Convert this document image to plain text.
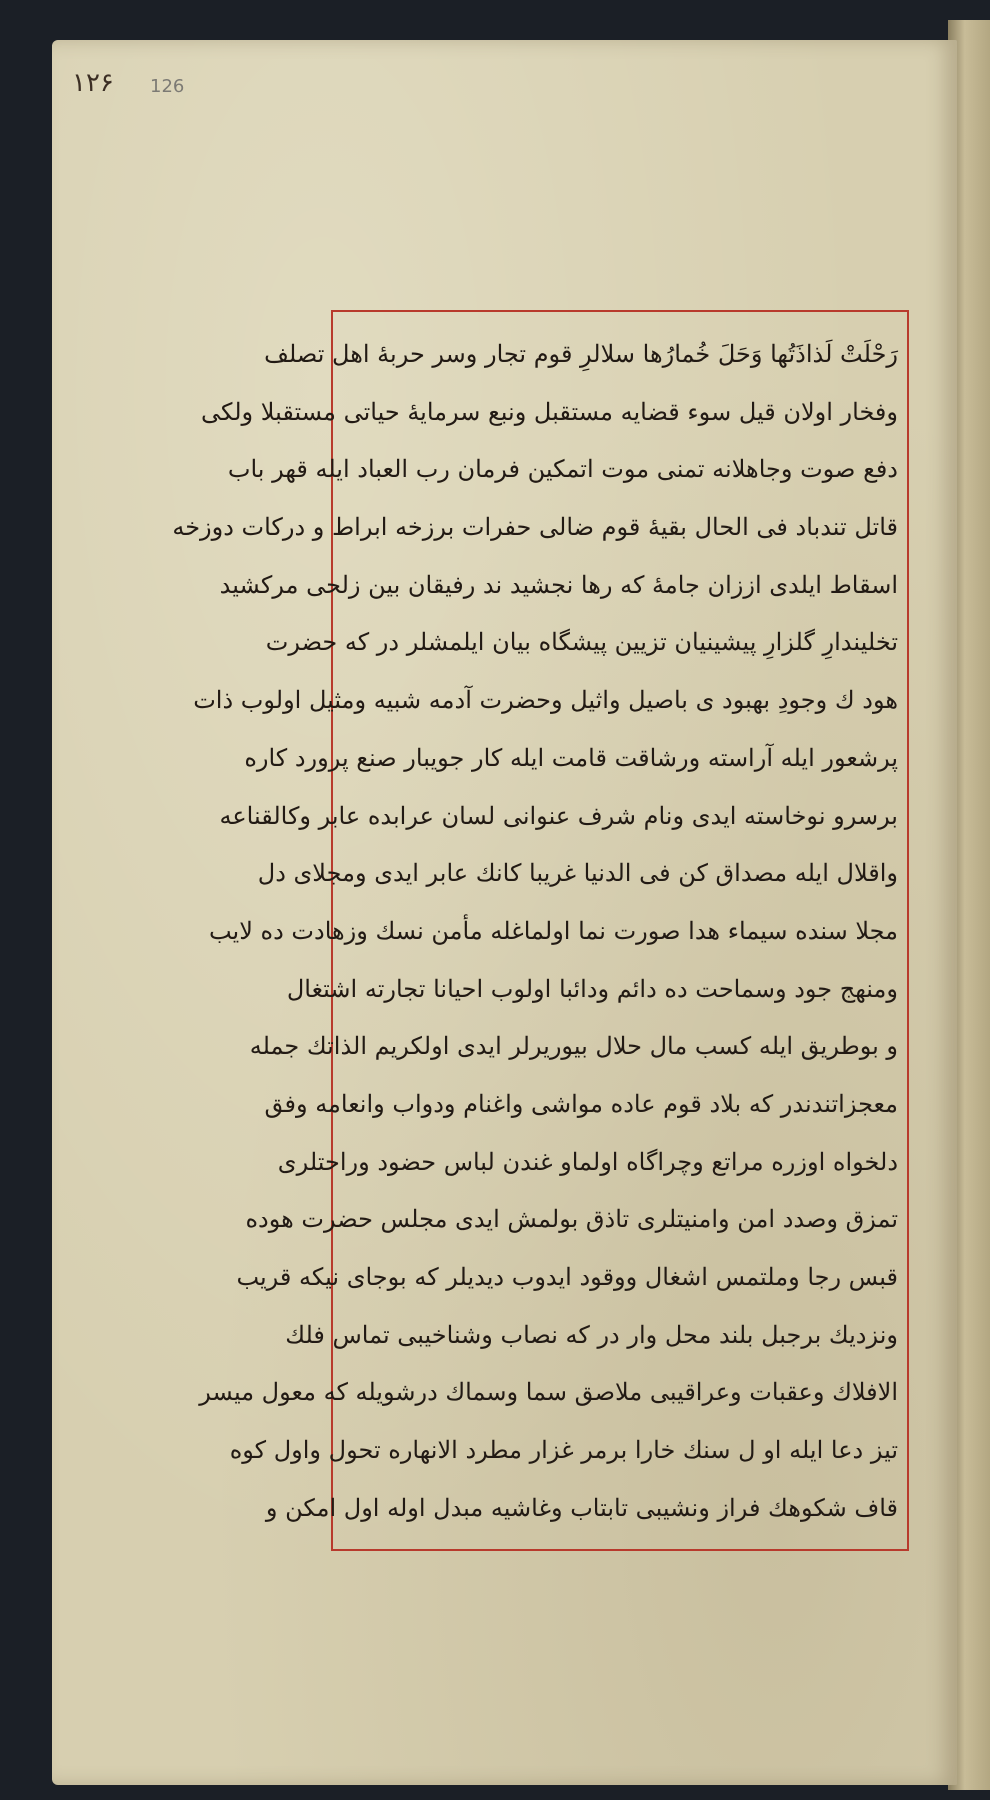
۱۲۶ 126
رَحْلَتْ لَذاذَتُها وَحَلَ خُمارُها سلالرِ قوم تجار وسر حربۀ اهل تصلف
وفخار اولان قيل سوء قضايه مستقبل ونبع سرمايۀ حياتى مستقبلا ولكى
دفع صوت وجاهلانه تمنى موت اتمكين فرمان رب العباد ايله قهر باب
قاتل تندباد فى الحال بقيۀ قوم ضالى حفرات برزخه ابراط و دركات دوزخه
اسقاط ايلدى اززان جامۀ كه رها نجشيد ند رفيقان بين زلحى مركشيد
تخليندارِ گلزارِ پيشينيان تزيين پيشگاه بيان ايلمشلر در كه حضرت
هود ك وجودِ بهبود ى باصيل واثيل وحضرت آدمه شبيه ومثيل اولوب ذات
پرشعور ايله آراسته ورشاقت قامت ايله كار جويبار صنع پرورد كاره
برسرو نوخاسته ايدى ونام شرف عنوانى لسان عرابده عابر وكالقناعه
واقلال ايله مصداق كن فى الدنيا غريبا كانك عابر ايدى ومجلاى دل
مجلا سنده سيماء هدا صورت نما اولماغله مأمن نسك وزهادت ده لايب
ومنهج جود وسماحت ده دائم ودائبا اولوب احيانا تجارته اشتغال
و بوطريق ايله كسب مال حلال بيوريرلر ايدى اولكريم الذاتك جمله
معجزاتندندر كه بلاد قوم عاده مواشى واغنام ودواب وانعامه وفق
دلخواه اوزره مراتع وچراگاه اولماو غندن لباس حضود وراحتلرى
تمزق وصدد امن وامنيتلرى تاذق بولمش ايدى مجلس حضرت هوده
قبس رجا وملتمس اشغال ووقود ايدوب ديديلر كه بوجاى نيكه قريب
ونزديك برجبل بلند محل وار در كه نصاب وشناخيبى تماس فلك
الافلاك وعقبات وعراقيبى ملاصق سما وسماك درشويله كه معول ميسر
تيز دعا ايله او ل سنك خارا برمر غزار مطرد الانهاره تحول واول كوه
قاف شكوهك فراز ونشيبى تابتاب وغاشيه مبدل اوله اول امكن و
